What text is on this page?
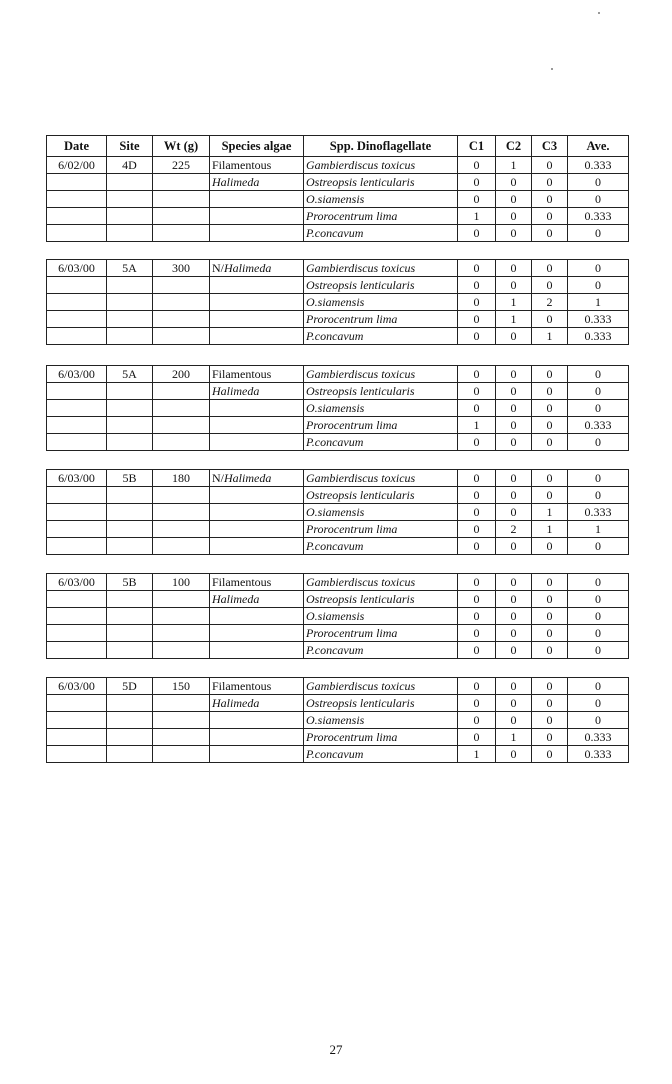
Date	Site	Wt (g)	Species algae	Spp. Dinoflagellate	C1	C2	C3	Ave.
6/02/00	4D	225	Filamentous	Gambierdiscus toxicus	0	1	0	0.333
			Halimeda	Ostreopsis lenticularis	0	0	0	0
				O.siamensis	0	0	0	0
				Prorocentrum lima	1	0	0	0.333
				P.concavum	0	0	0	0
6/03/00	5A	300	N/Halimeda	Gambierdiscus toxicus	0	0	0	0
				Ostreopsis lenticularis	0	0	0	0
				O.siamensis	0	1	2	1
				Prorocentrum lima	0	1	0	0.333
				P.concavum	0	0	1	0.333
6/03/00	5A	200	Filamentous	Gambierdiscus toxicus	0	0	0	0
			Halimeda	Ostreopsis lenticularis	0	0	0	0
				O.siamensis	0	0	0	0
				Prorocentrum lima	1	0	0	0.333
				P.concavum	0	0	0	0
6/03/00	5B	180	N/Halimeda	Gambierdiscus toxicus	0	0	0	0
				Ostreopsis lenticularis	0	0	0	0
				O.siamensis	0	0	1	0.333
				Prorocentrum lima	0	2	1	1
				P.concavum	0	0	0	0
6/03/00	5B	100	Filamentous	Gambierdiscus toxicus	0	0	0	0
			Halimeda	Ostreopsis lenticularis	0	0	0	0
				O.siamensis	0	0	0	0
				Prorocentrum lima	0	0	0	0
				P.concavum	0	0	0	0
6/03/00	5D	150	Filamentous	Gambierdiscus toxicus	0	0	0	0
			Halimeda	Ostreopsis lenticularis	0	0	0	0
				O.siamensis	0	0	0	0
				Prorocentrum lima	0	1	0	0.333
				P.concavum	1	0	0	0.333
27
